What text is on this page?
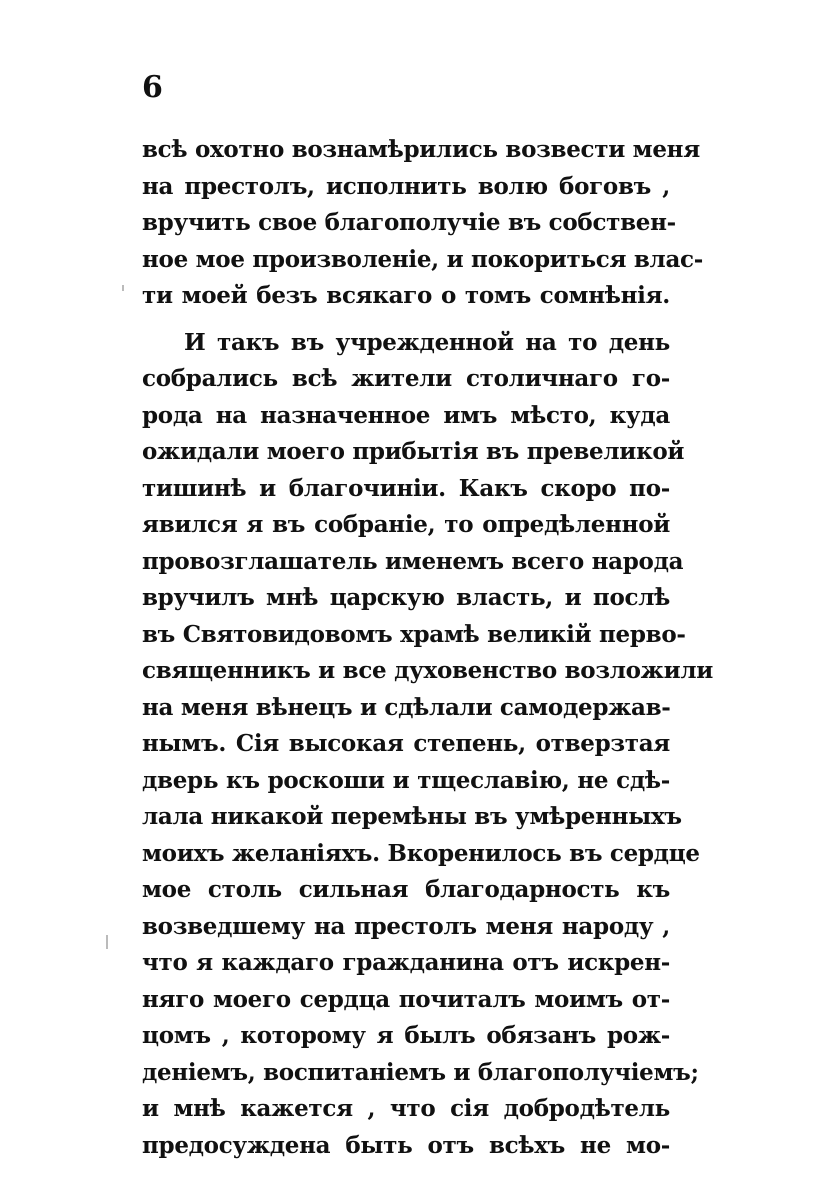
6
всѣ охотно вознамѣрились возвести меня
на престолъ, исполнить волю боговъ ,
вручить свое благополучіе въ собствен-
ное мое произволеніе, и покориться влас-
ти моей безъ всякаго о томъ сомнѣнія.
И такъ въ учрежденной на то день
собрались всѣ жители столичнаго го-
рода на назначенное имъ мѣсто, куда
ожидали моего прибытія въ превеликой
тишинѣ и благочиніи. Какъ скоро по-
явился я въ собраніе, то опредѣленной
провозглашатель именемъ всего народа
вручилъ мнѣ царскую власть, и послѣ
въ Святовидовомъ храмѣ великій перво-
священникъ и все духовенство возложили
на меня вѣнецъ и сдѣлали самодержав-
нымъ. Сія высокая степень, отверзтая
дверь къ роскоши и тщеславію, не сдѣ-
лала никакой перемѣны въ умѣренныхъ
моихъ желаніяхъ. Вкоренилось въ сердце
мое столь сильная благодарность къ
возведшему на престолъ меня народу ,
что я каждаго гражданина отъ искрен-
няго моего сердца почиталъ моимъ от-
цомъ , которому я былъ обязанъ рож-
деніемъ, воспитаніемъ и благополучіемъ;
и мнѣ кажется , что сія добродѣтель
предосуждена быть отъ всѣхъ не мо-
